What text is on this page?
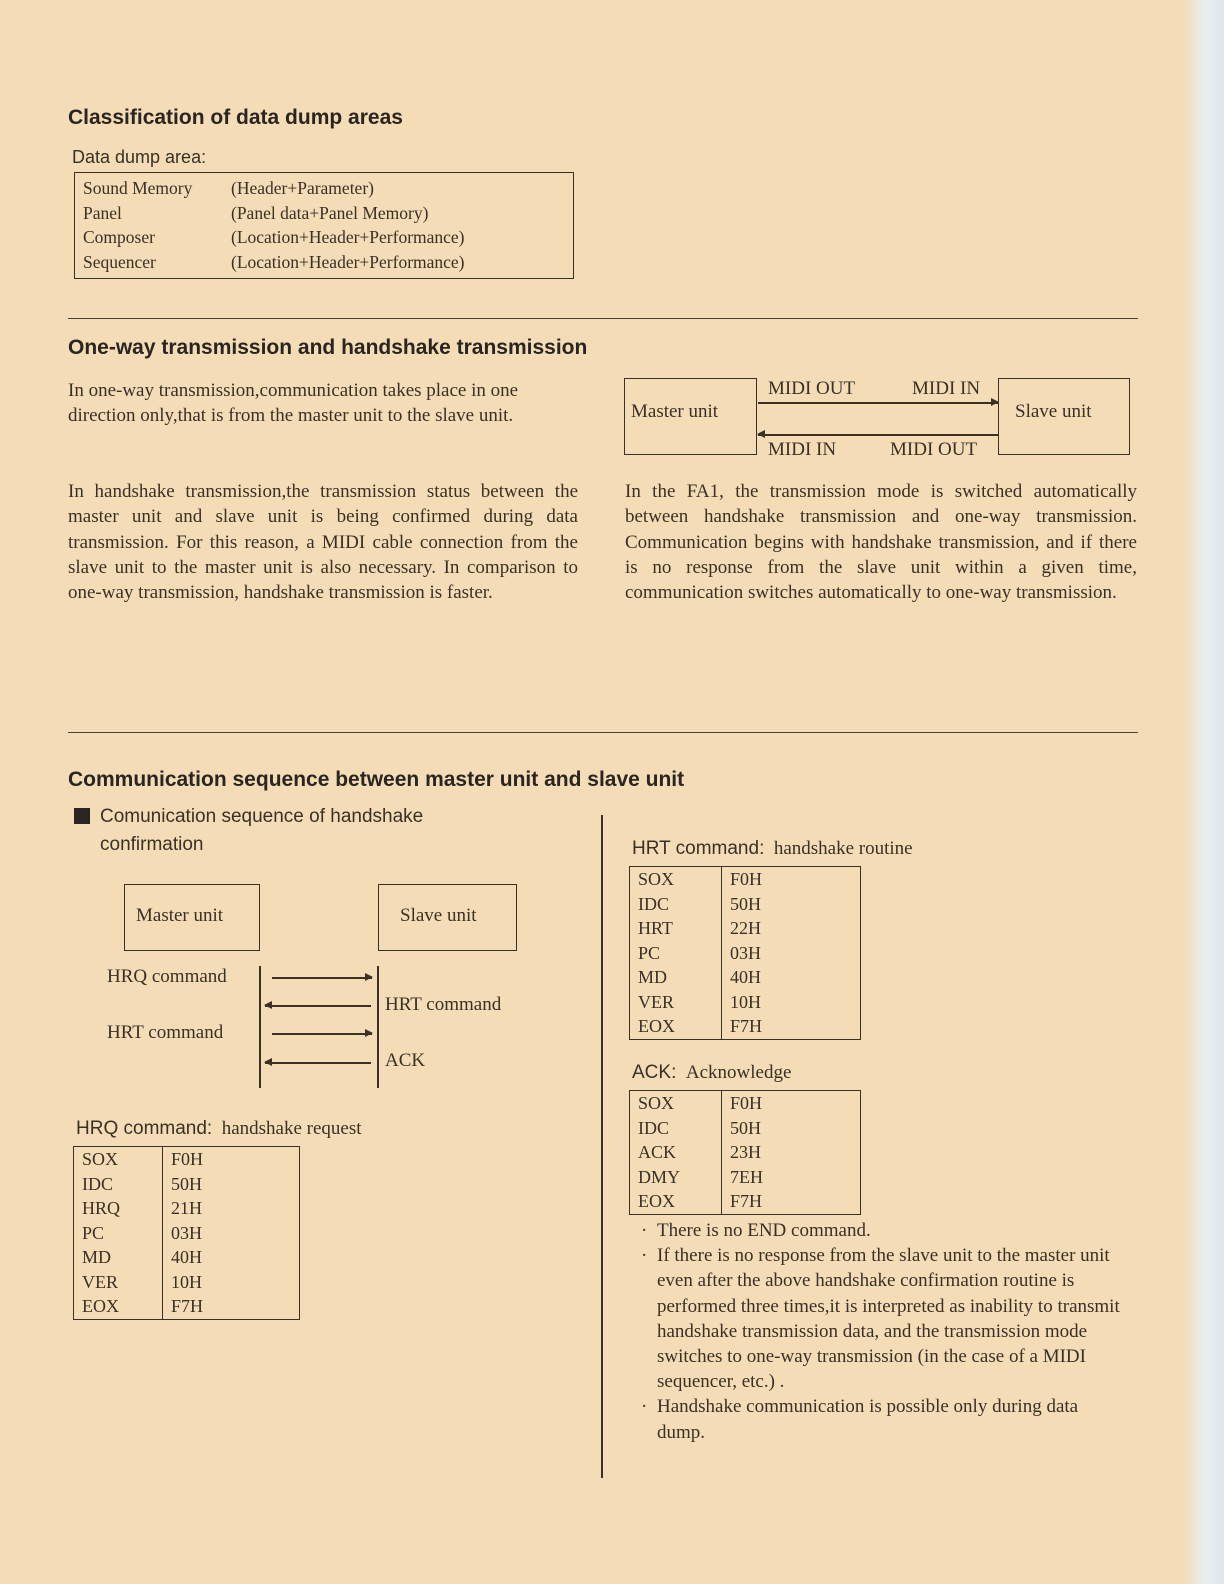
Classification of data dump areas
Data dump area:
Sound Memory	(Header+Parameter)
Panel	(Panel data+Panel Memory)
Composer	(Location+Header+Performance)
Sequencer	(Location+Header+Performance)
One-way transmission and handshake transmission
In one-way transmission,communication takes place in one direction only,that is from the master unit to the slave unit.
In handshake transmission,the transmission status between the master unit and slave unit is being confirmed during data transmission. For this reason, a MIDI cable connection from the slave unit to the master unit is also necessary. In comparison to one-way transmission, handshake transmission is faster.
In the FA1, the transmission mode is switched automatically between handshake transmission and one-way transmission. Communication begins with handshake transmission, and if there is no response from the slave unit within a given time, communication switches automatically to one-way transmission.
Master unit	Slave unit
MIDI OUT	MIDI IN
MIDI IN	MIDI OUT
Communication sequence between master unit and slave unit
Comunication sequence of handshake confirmation
Master unit	Slave unit
HRQ command
HRT command
HRT command
ACK
HRQ command: handshake request
SOX	F0H
IDC	50H
HRQ	21H
PC	03H
MD	40H
VER	10H
EOX	F7H
HRT command: handshake routine
SOX	F0H
IDC	50H
HRT	22H
PC	03H
MD	40H
VER	10H
EOX	F7H
ACK: Acknowledge
SOX	F0H
IDC	50H
ACK	23H
DMY	7EH
EOX	F7H
· There is no END command.
· If there is no response from the slave unit to the master unit even after the above handshake confirmation routine is performed three times,it is interpreted as inability to transmit handshake transmission data, and the transmission mode switches to one-way transmission (in the case of a MIDI sequencer, etc.) .
· Handshake communication is possible only during data dump.
